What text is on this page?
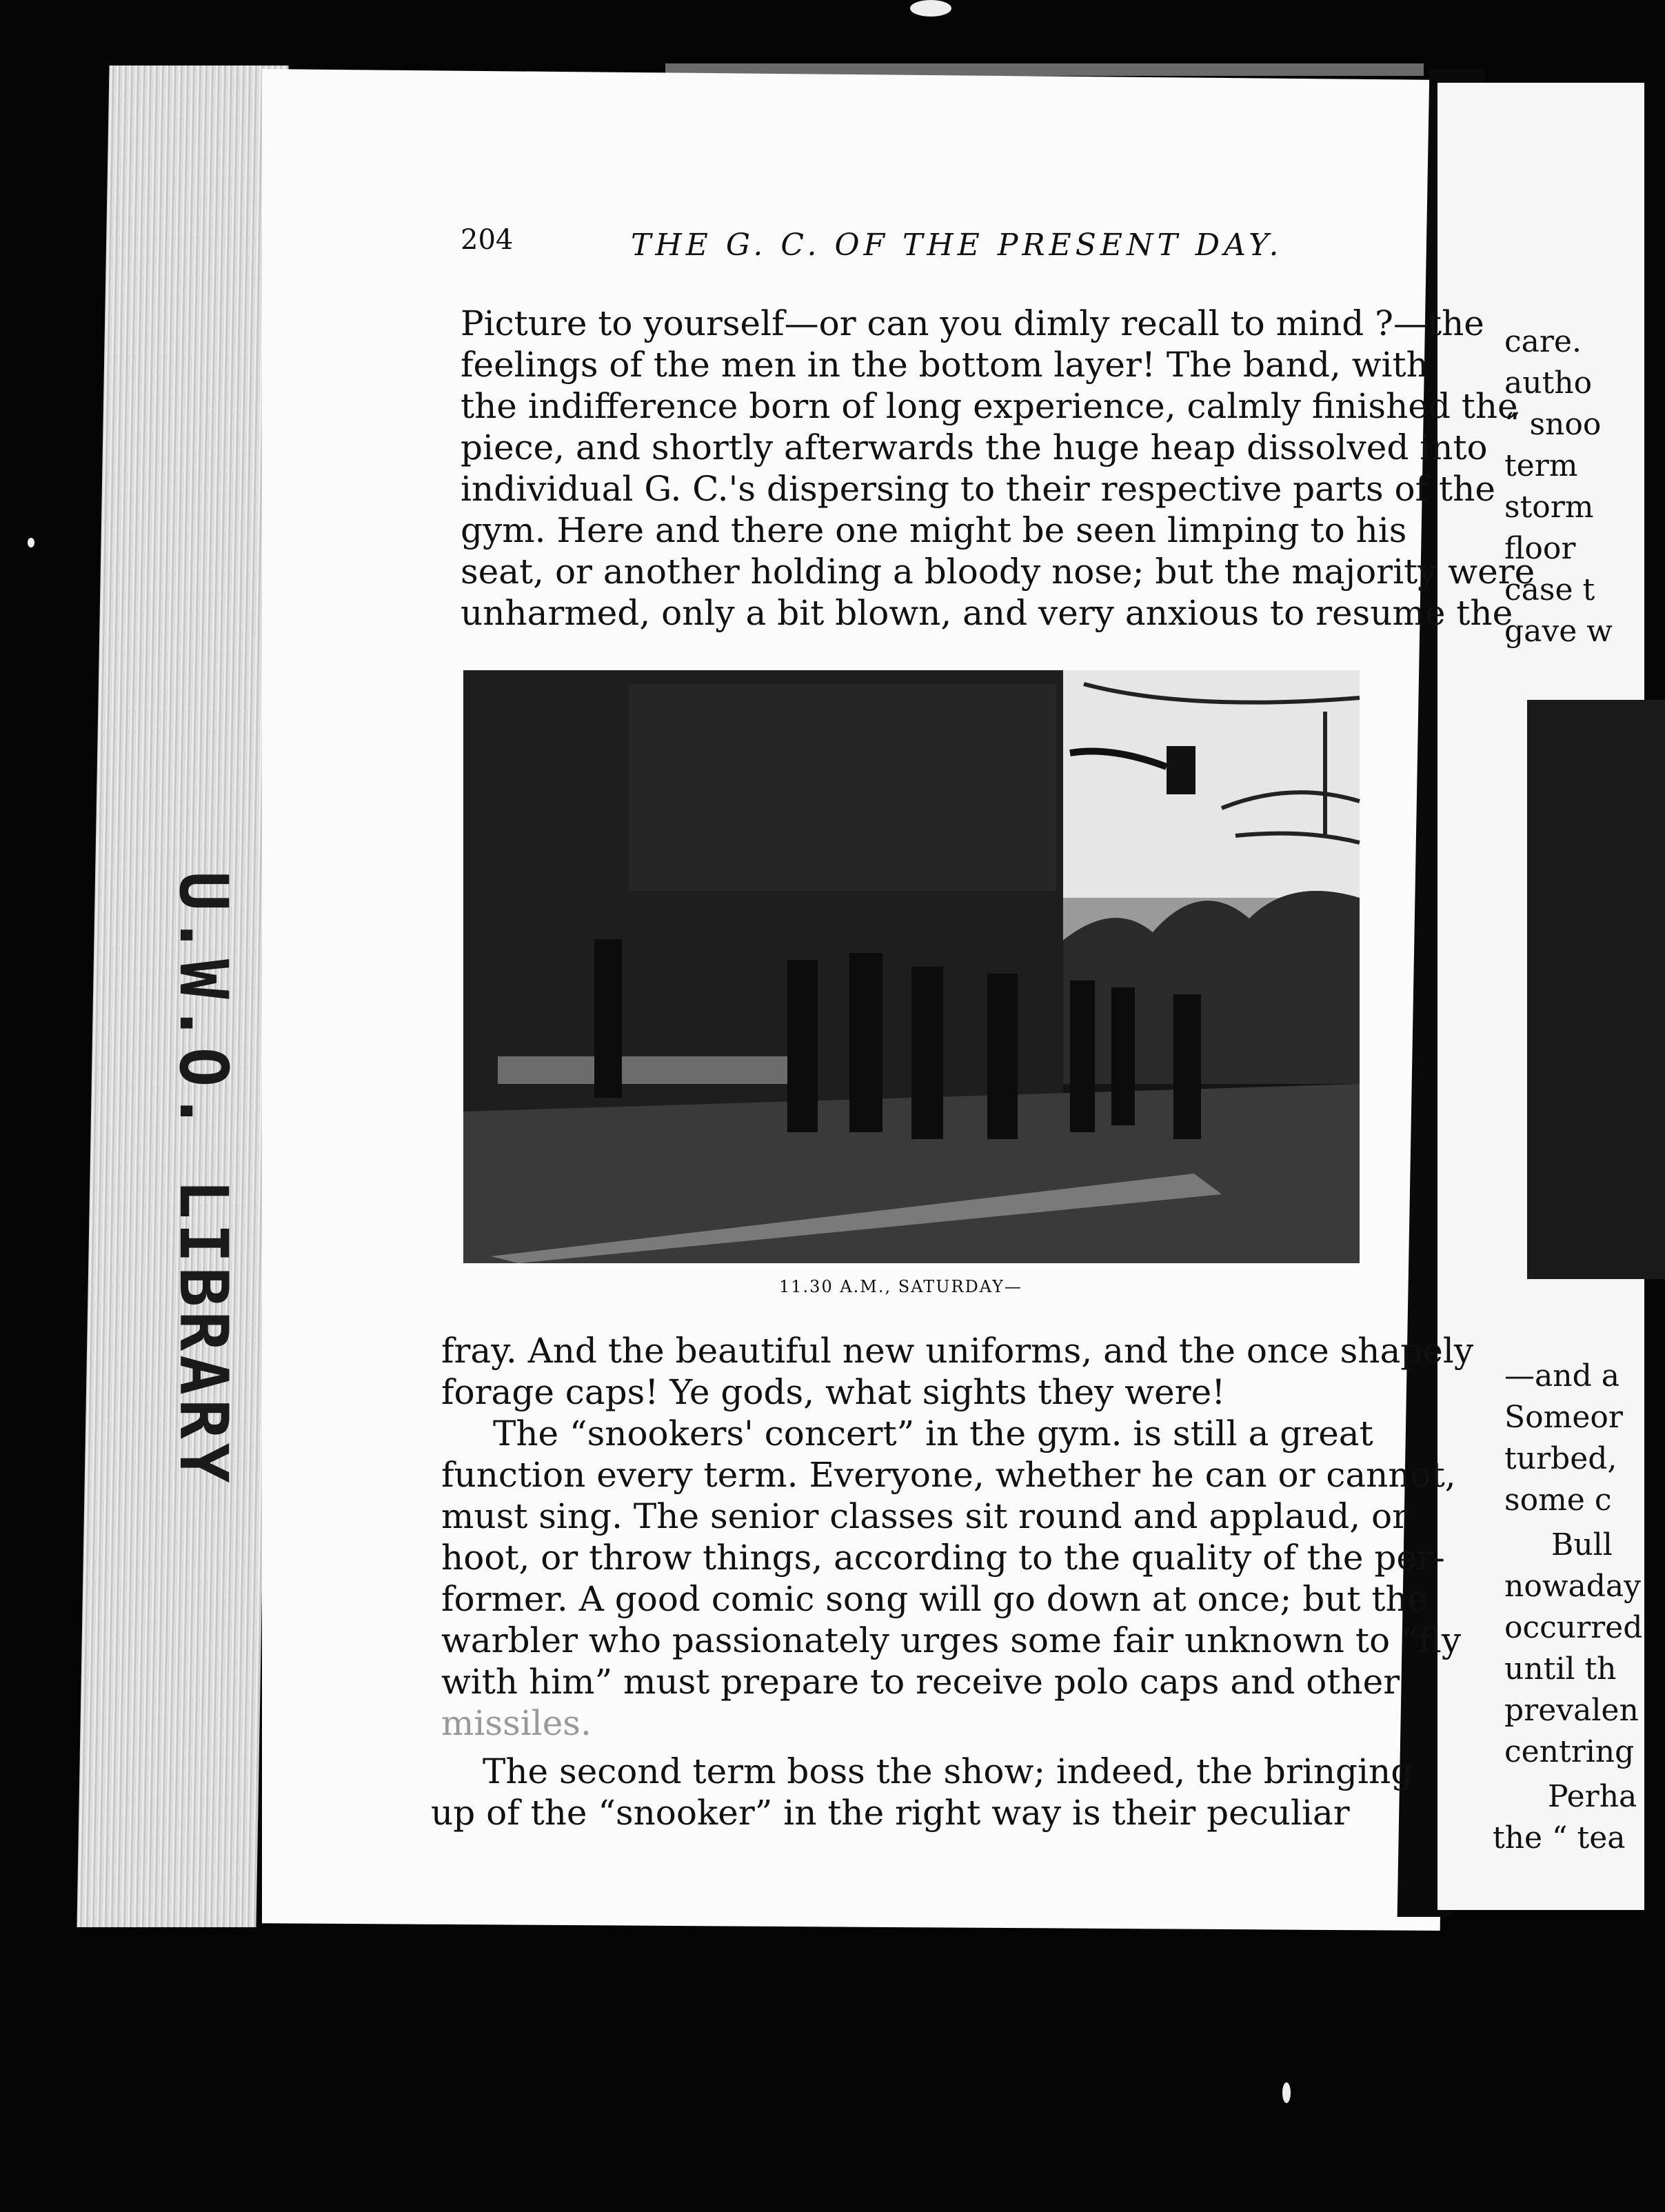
U.W.O. LIBRARY
204	THE G. C. OF THE PRESENT DAY.
Picture to yourself—or can you dimly recall to mind ?—the
feelings of the men in the bottom layer! The band, with
the indifference born of long experience, calmly finished the
piece, and shortly afterwards the huge heap dissolved into
individual G. C.'s dispersing to their respective parts of the
gym. Here and there one might be seen limping to his
seat, or another holding a bloody nose; but the majority were
unharmed, only a bit blown, and very anxious to resume the
11.30 A.M., SATURDAY—
fray. And the beautiful new uniforms, and the once shapely
forage caps! Ye gods, what sights they were!
The “snookers' concert” in the gym. is still a great
function every term. Everyone, whether he can or cannot,
must sing. The senior classes sit round and applaud, or
hoot, or throw things, according to the quality of the per-
former. A good comic song will go down at once; but the
warbler who passionately urges some fair unknown to “fly
with him” must prepare to receive polo caps and other
missiles.
The second term boss the show; indeed, the bringing
up of the “snooker” in the right way is their peculiar
care.
autho
“ snoo
term
storm
floor
case t
gave w
—and a
Someor
turbed,
some c
Bull
nowaday
occurred
until th
prevalen
centring
Perha
the “ tea
